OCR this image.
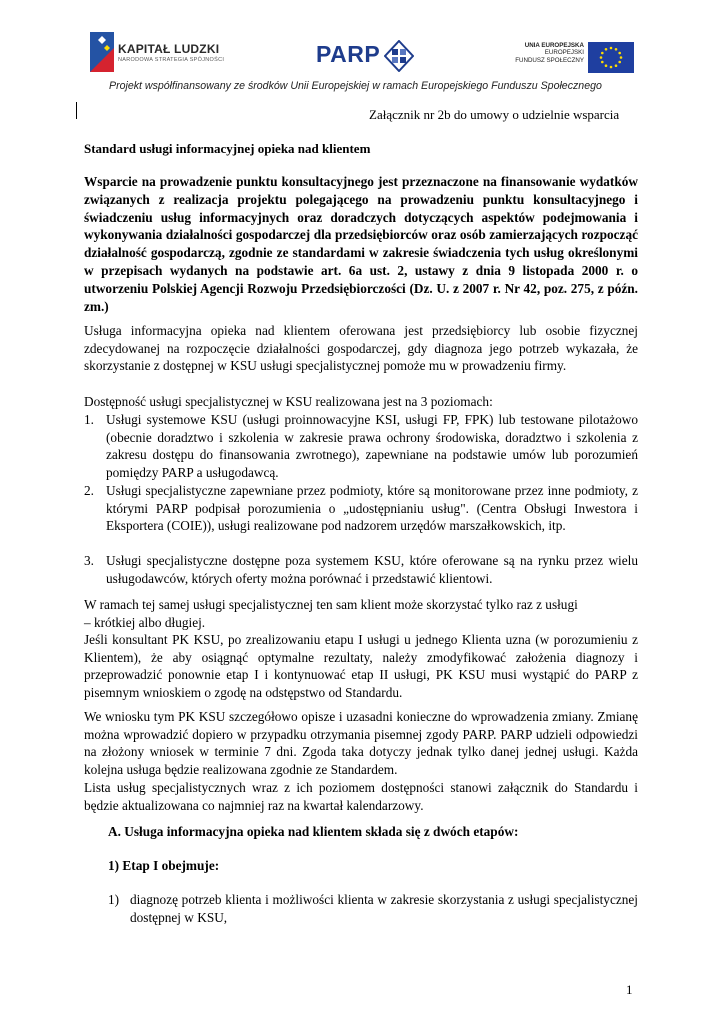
KAPITAŁ LUDZKI
NARODOWA STRATEGIA SPÓJNOŚCI	PARP	UNIA EUROPEJSKA
EUROPEJSKI
FUNDUSZ SPOŁECZNY
Projekt współfinansowany ze środków Unii Europejskiej w ramach Europejskiego Funduszu Społecznego
Załącznik nr 2b do umowy o udzielnie wsparcia
Standard usługi informacyjnej opieka nad klientem
Wsparcie na prowadzenie punktu konsultacyjnego jest przeznaczone na finansowanie wydatków związanych z realizacja projektu polegającego na prowadzeniu punktu konsultacyjnego i świadczeniu usług informacyjnych oraz doradczych dotyczących aspektów podejmowania i wykonywania działalności gospodarczej dla przedsiębiorców oraz osób zamierzających rozpocząć działalność gospodarczą, zgodnie ze standardami w zakresie świadczenia tych usług określonymi w przepisach wydanych na podstawie art. 6a ust. 2, ustawy z dnia 9 listopada 2000 r. o utworzeniu Polskiej Agencji Rozwoju Przedsiębiorczości (Dz. U. z 2007 r. Nr 42, poz. 275, z późn. zm.)
Usługa informacyjna opieka nad klientem oferowana jest przedsiębiorcy lub osobie fizycznej zdecydowanej na rozpoczęcie działalności gospodarczej, gdy diagnoza jego potrzeb wykazała, że skorzystanie z dostępnej w KSU usługi specjalistycznej pomoże mu w prowadzeniu firmy.
Dostępność usługi specjalistycznej w KSU realizowana jest na 3 poziomach:
1. Usługi systemowe KSU (usługi proinnowacyjne KSI, usługi FP, FPK) lub testowane pilotażowo (obecnie doradztwo i szkolenia w zakresie prawa ochrony środowiska, doradztwo i szkolenia z zakresu dostępu do finansowania zwrotnego), zapewniane na podstawie umów lub porozumień pomiędzy PARP a usługodawcą.
2. Usługi specjalistyczne zapewniane przez podmioty, które są monitorowane przez inne podmioty, z którymi PARP podpisał porozumienia o „udostępnianiu usług". (Centra Obsługi Inwestora i Eksportera (COIE)), usługi realizowane pod nadzorem urzędów marszałkowskich, itp.
3. Usługi specjalistyczne dostępne poza systemem KSU, które oferowane są na rynku przez wielu usługodawców, których oferty można porównać i przedstawić klientowi.
W ramach tej samej usługi specjalistycznej ten sam klient może skorzystać tylko raz z usługi
– krótkiej albo długiej.
Jeśli konsultant PK KSU, po zrealizowaniu etapu I usługi u jednego Klienta uzna (w porozumieniu z Klientem), że aby osiągnąć optymalne rezultaty, należy zmodyfikować założenia diagnozy i przeprowadzić ponownie etap I i kontynuować etap II usługi, PK KSU musi wystąpić do PARP z pisemnym wnioskiem o zgodę na odstępstwo od Standardu.
We wniosku tym PK KSU szczegółowo opisze i uzasadni konieczne do wprowadzenia zmiany. Zmianę można wprowadzić dopiero w przypadku otrzymania pisemnej zgody PARP. PARP udzieli odpowiedzi na złożony wniosek w terminie 7 dni. Zgoda taka dotyczy jednak tylko danej jednej usługi. Każda kolejna usługa będzie realizowana zgodnie ze Standardem.
Lista usług specjalistycznych wraz z ich poziomem dostępności stanowi załącznik do Standardu i będzie aktualizowana co najmniej raz na kwartał kalendarzowy.
A. Usługa informacyjna opieka nad klientem składa się z dwóch etapów:
1) Etap I obejmuje:
1) diagnozę potrzeb klienta i możliwości klienta w zakresie skorzystania z usługi specjalistycznej dostępnej w KSU,
1
